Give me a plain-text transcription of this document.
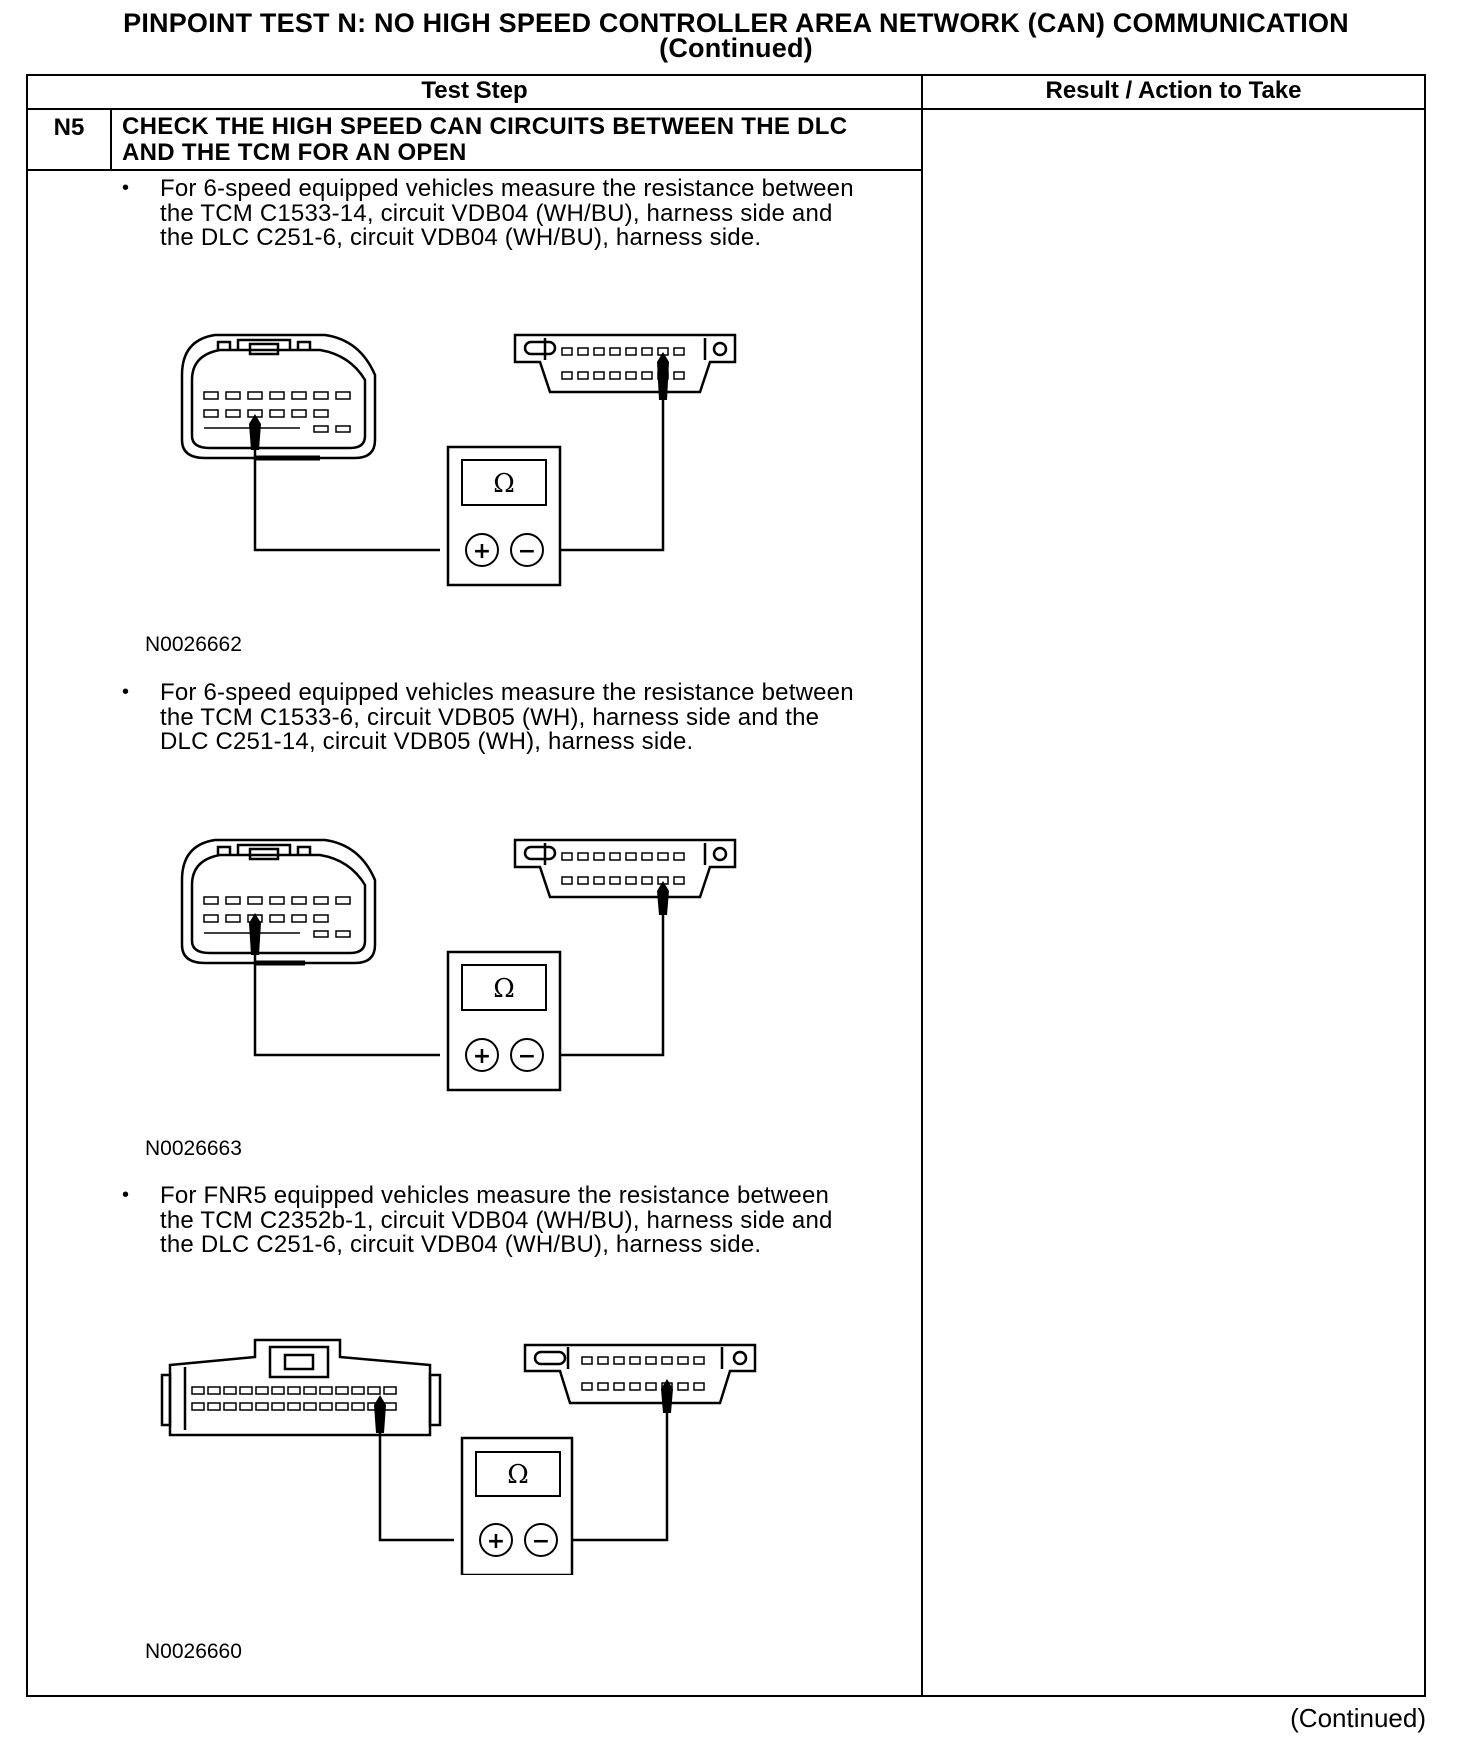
PINPOINT TEST N: NO HIGH SPEED CONTROLLER AREA NETWORK (CAN) COMMUNICATION
(Continued)
Test Step	Result / Action to Take
N5	CHECK THE HIGH SPEED CAN CIRCUITS BETWEEN THE DLC
AND THE TCM FOR AN OPEN
• For 6-speed equipped vehicles measure the resistance between
the TCM C1533-14, circuit VDB04 (WH/BU), harness side and
the DLC C251-6, circuit VDB04 (WH/BU), harness side.
Ω
+ −
N0026662
• For 6-speed equipped vehicles measure the resistance between
the TCM C1533-6, circuit VDB05 (WH), harness side and the
DLC C251-14, circuit VDB05 (WH), harness side.
Ω
+ −
N0026663
• For FNR5 equipped vehicles measure the resistance between
the TCM C2352b-1, circuit VDB04 (WH/BU), harness side and
the DLC C251-6, circuit VDB04 (WH/BU), harness side.
Ω
+ −
N0026660
(Continued)
